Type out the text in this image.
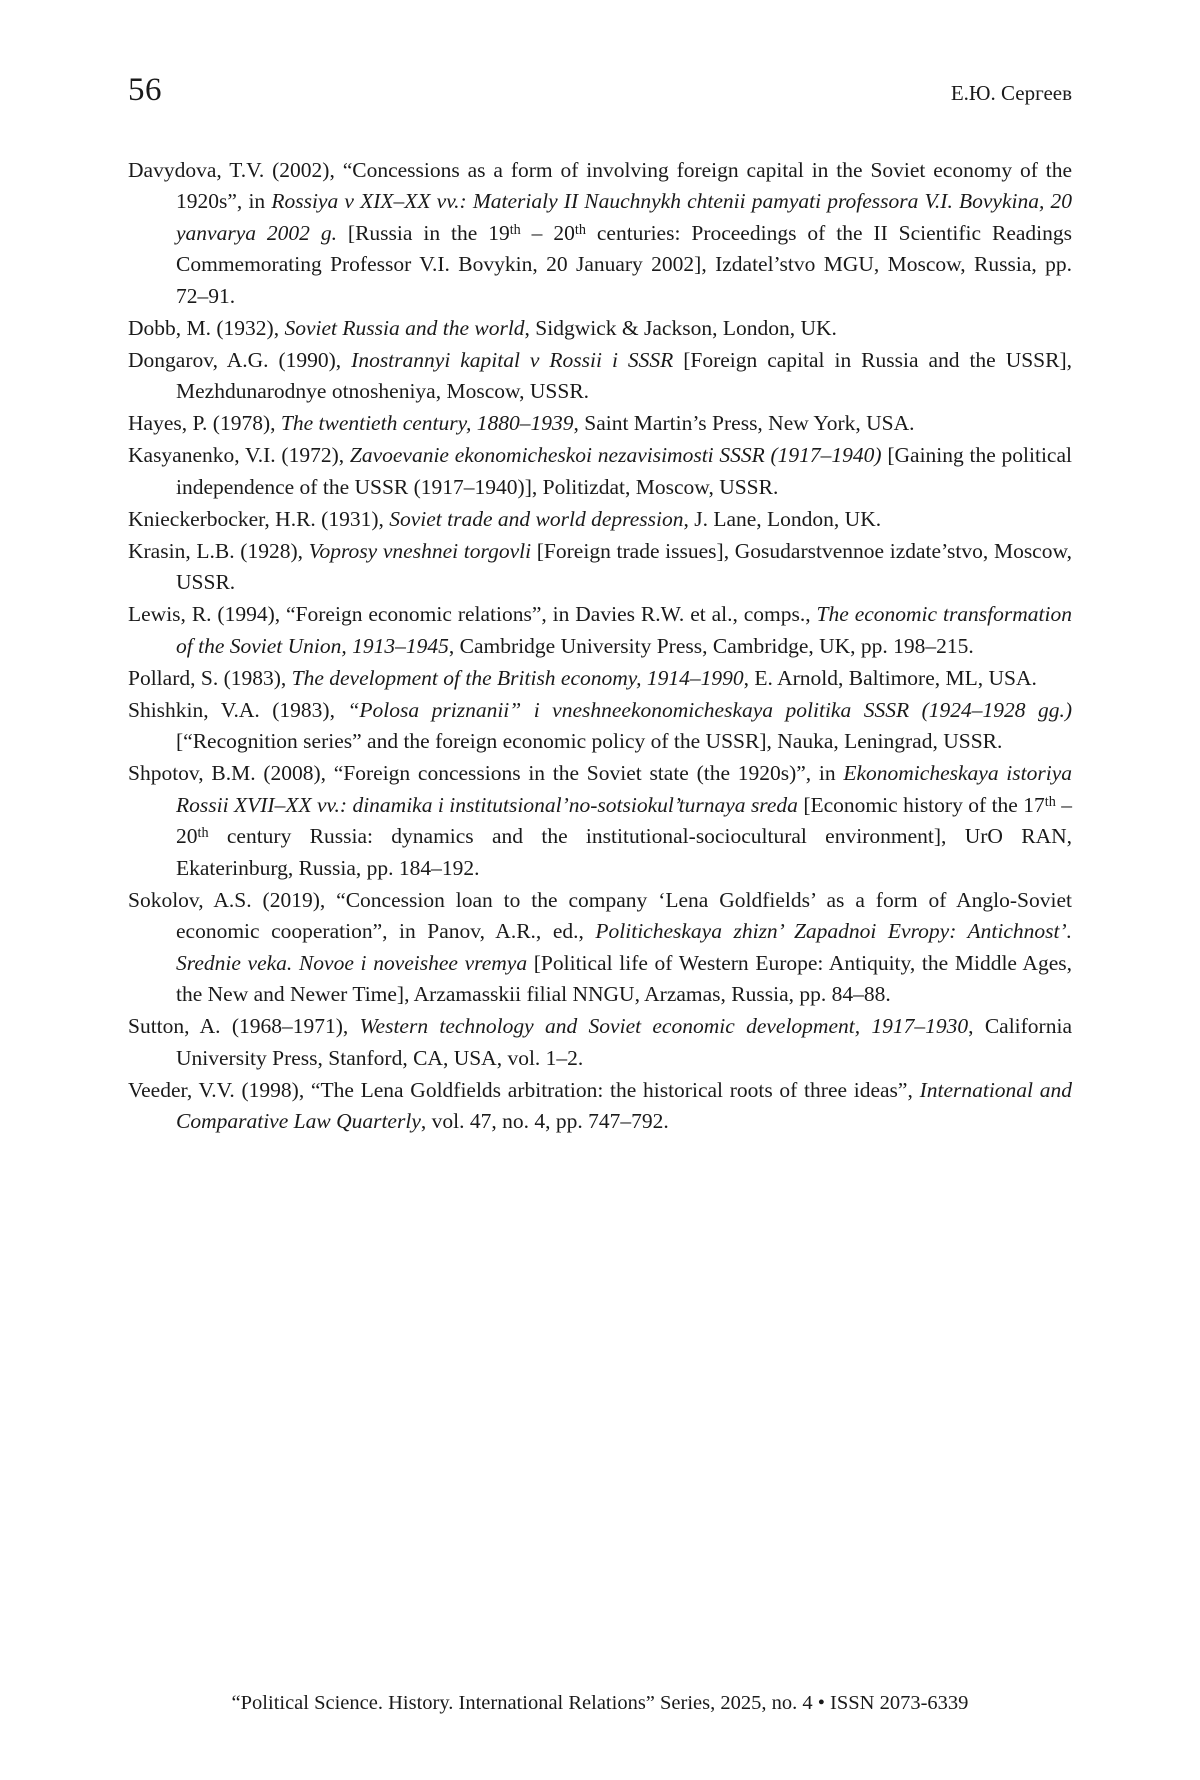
56	Е.Ю. Сергеев

Davydova, T.V. (2002), “Concessions as a form of involving foreign capital in the Soviet economy of the 1920s”, in Rossiya v XIX–XX vv.: Materialy II Nauchnykh chtenii pamyati professora V.I. Bovykina, 20 yanvarya 2002 g. [Russia in the 19th – 20th centuries: Proceedings of the II Scientific Readings Commemorating Professor V.I. Bovykin, 20 January 2002], Izdatel’stvo MGU, Moscow, Russia, pp. 72–91.

Dobb, M. (1932), Soviet Russia and the world, Sidgwick & Jackson, London, UK.

Dongarov, A.G. (1990), Inostrannyi kapital v Rossii i SSSR [Foreign capital in Russia and the USSR], Mezhdunarodnye otnosheniya, Moscow, USSR.

Hayes, P. (1978), The twentieth century, 1880–1939, Saint Martin’s Press, New York, USA.

Kasyanenko, V.I. (1972), Zavoevanie ekonomicheskoi nezavisimosti SSSR (1917–1940) [Gaining the political independence of the USSR (1917–1940)], Politizdat, Moscow, USSR.

Knieckerbocker, H.R. (1931), Soviet trade and world depression, J. Lane, London, UK.

Krasin, L.B. (1928), Voprosy vneshnei torgovli [Foreign trade issues], Gosudarstvennoe izdate’stvo, Moscow, USSR.

Lewis, R. (1994), “Foreign economic relations”, in Davies R.W. et al., comps., The economic transformation of the Soviet Union, 1913–1945, Cambridge University Press, Cambridge, UK, pp. 198–215.

Pollard, S. (1983), The development of the British economy, 1914–1990, E. Arnold, Baltimore, ML, USA.

Shishkin, V.A. (1983), “Polosa priznanii” i vneshneekonomicheskaya politika SSSR (1924–1928 gg.) [“Recognition series” and the foreign economic policy of the USSR], Nauka, Leningrad, USSR.

Shpotov, B.M. (2008), “Foreign concessions in the Soviet state (the 1920s)”, in Ekonomicheskaya istoriya Rossii XVII–XX vv.: dinamika i institutsional’no-sotsiokul’turnaya sreda [Economic history of the 17th – 20th century Russia: dynamics and the institutional-sociocultural environment], UrO RAN, Ekaterinburg, Russia, pp. 184–192.

Sokolov, A.S. (2019), “Concession loan to the company ‘Lena Goldfields’ as a form of Anglo-Soviet economic cooperation”, in Panov, A.R., ed., Politicheskaya zhizn’ Zapadnoi Evropy: Antichnost’. Srednie veka. Novoe i noveishee vremya [Political life of Western Europe: Antiquity, the Middle Ages, the New and Newer Time], Arzamasskii filial NNGU, Arzamas, Russia, pp. 84–88.

Sutton, A. (1968–1971), Western technology and Soviet economic development, 1917–1930, California University Press, Stanford, CA, USA, vol. 1–2.

Veeder, V.V. (1998), “The Lena Goldfields arbitration: the historical roots of three ideas”, International and Comparative Law Quarterly, vol. 47, no. 4, pp. 747–792.

“Political Science. History. International Relations” Series, 2025, no. 4 • ISSN 2073-6339
